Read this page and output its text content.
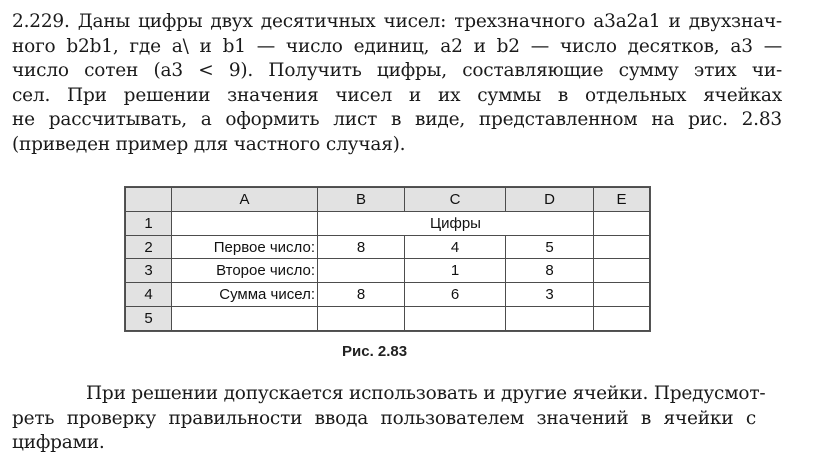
2.229. Даны цифры двух десятичных чисел: трехзначного a3a2a1 и двухзнач-
ного b2b1, где a\ и b1 — число единиц, a2 и b2 — число десятков, a3 —
число сотен (a3 < 9). Получить цифры, составляющие сумму этих чи-
сел. При решении значения чисел и их суммы в отдельных ячейках
не рассчитывать, а оформить лист в виде, представленном на рис. 2.83
(приведен пример для частного случая).
	A	B	C	D	E
1		Цифры			
2	Первое число:	8	4	5	
3	Второе число:		1	8	
4	Сумма чисел:	8	6	3	
5					
Рис. 2.83
При решении допускается использовать и другие ячейки. Предусмот-
реть проверку правильности ввода пользователем значений в ячейки с
цифрами.
